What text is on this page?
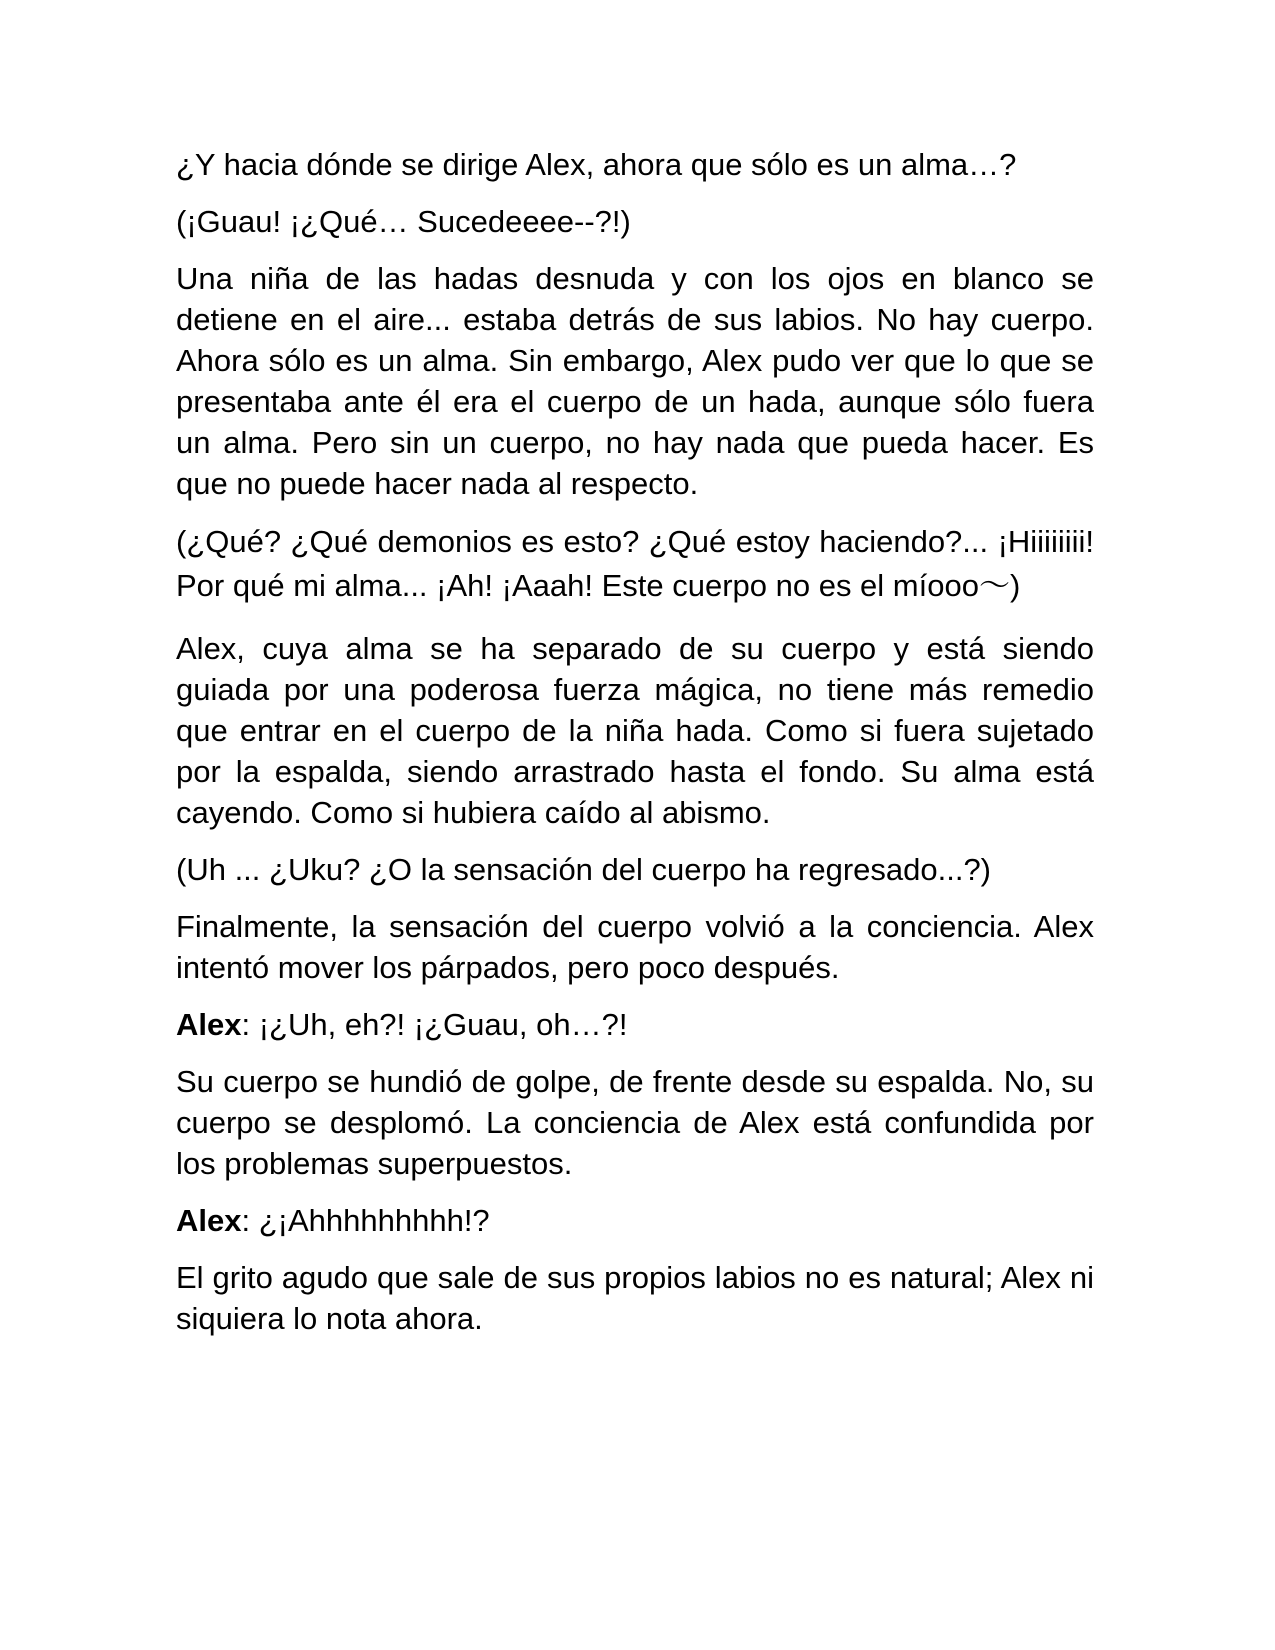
¿Y hacia dónde se dirige Alex, ahora que sólo es un alma…?

(¡Guau! ¡¿Qué… Sucedeeee--?!)

Una niña de las hadas desnuda y con los ojos en blanco se detiene en el aire... estaba detrás de sus labios. No hay cuerpo. Ahora sólo es un alma. Sin embargo, Alex pudo ver que lo que se presentaba ante él era el cuerpo de un hada, aunque sólo fuera un alma. Pero sin un cuerpo, no hay nada que pueda hacer. Es que no puede hacer nada al respecto.

(¿Qué? ¿Qué demonios es esto? ¿Qué estoy haciendo?... ¡Hiiiiiiii! Por qué mi alma... ¡Ah! ¡Aaah! Este cuerpo no es el míooo～)

Alex, cuya alma se ha separado de su cuerpo y está siendo guiada por una poderosa fuerza mágica, no tiene más remedio que entrar en el cuerpo de la niña hada. Como si fuera sujetado por la espalda, siendo arrastrado hasta el fondo. Su alma está cayendo. Como si hubiera caído al abismo.

(Uh ... ¿Uku? ¿O la sensación del cuerpo ha regresado...?)

Finalmente, la sensación del cuerpo volvió a la conciencia. Alex intentó mover los párpados, pero poco después.

Alex: ¡¿Uh, eh?! ¡¿Guau, oh…?!

Su cuerpo se hundió de golpe, de frente desde su espalda. No, su cuerpo se desplomó. La conciencia de Alex está confundida por los problemas superpuestos.

Alex: ¿¡Ahhhhhhhhh!?

El grito agudo que sale de sus propios labios no es natural; Alex ni siquiera lo nota ahora.
